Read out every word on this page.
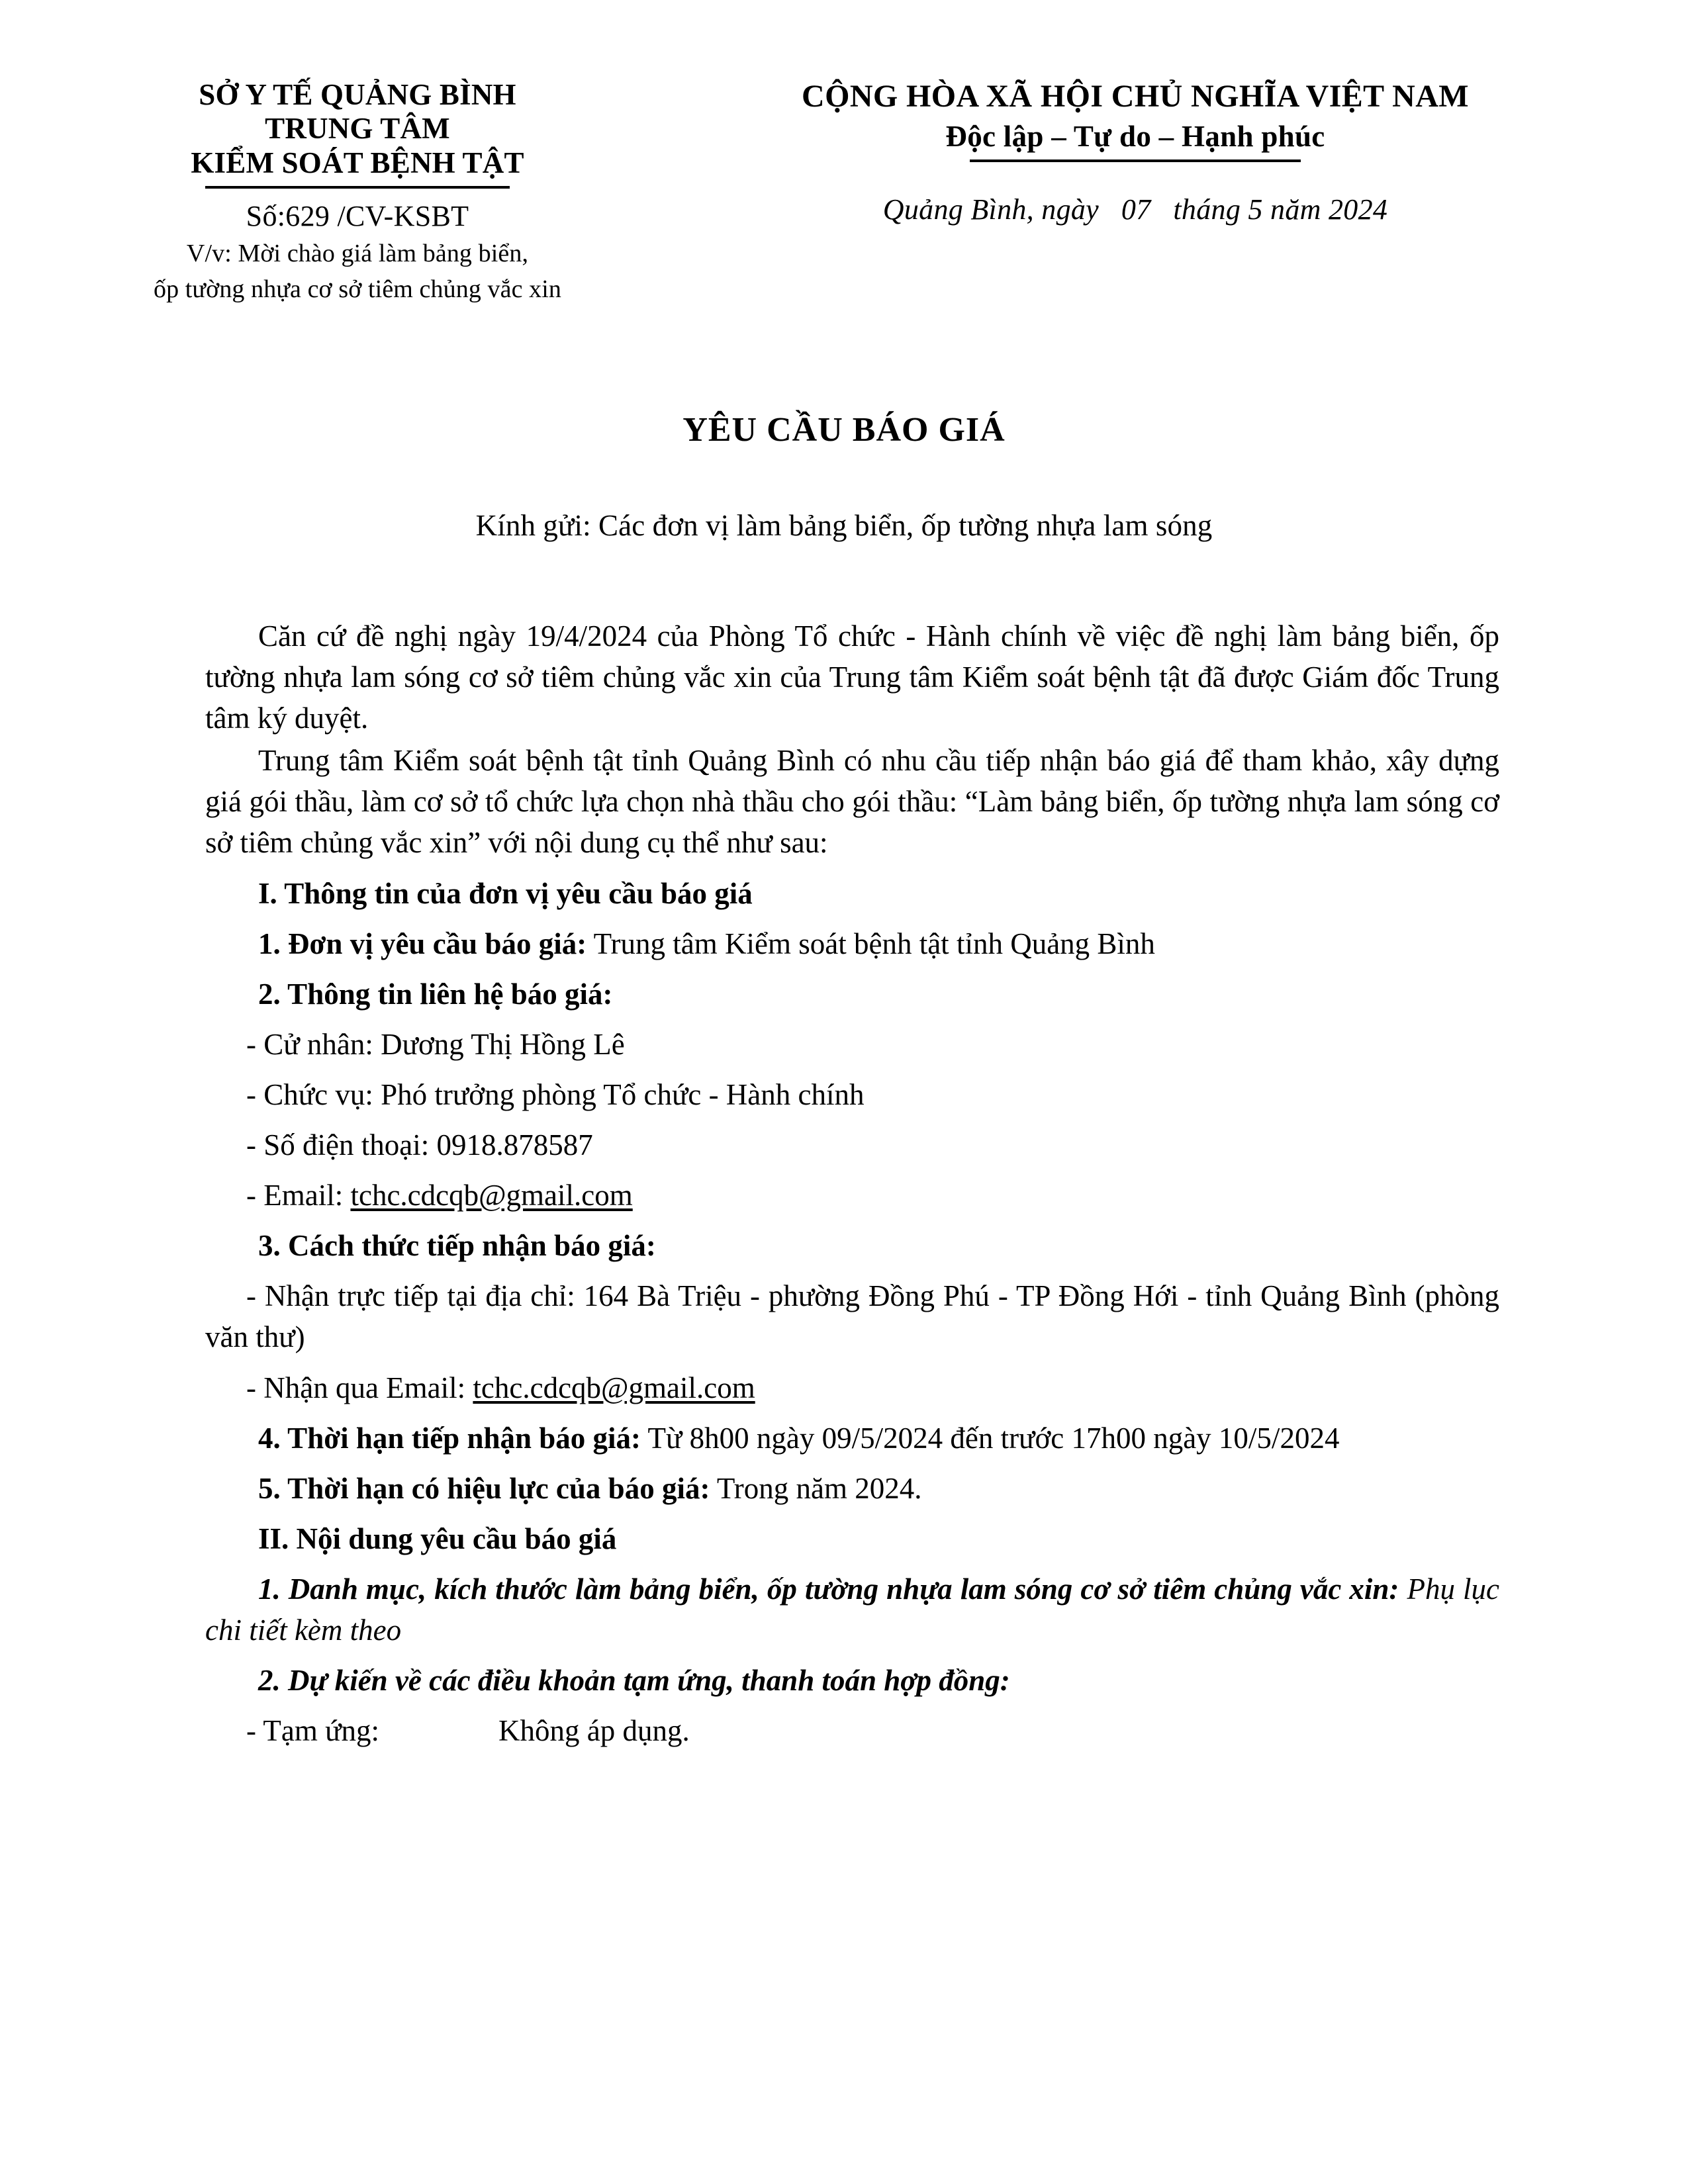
SỞ Y TẾ QUẢNG BÌNH
TRUNG TÂM
KIỂM SOÁT BỆNH TẬT
Số:629 /CV-KSBT
V/v: Mời chào giá làm bảng biển,
ốp tường nhựa cơ sở tiêm chủng vắc xin
CỘNG HÒA XÃ HỘI CHỦ NGHĨA VIỆT NAM
Độc lập – Tự do – Hạnh phúc
Quảng Bình, ngày   07   tháng 5 năm 2024
YÊU CẦU BÁO GIÁ
Kính gửi: Các đơn vị làm bảng biển, ốp tường nhựa lam sóng

Căn cứ đề nghị ngày 19/4/2024 của Phòng Tổ chức - Hành chính về việc đề nghị làm bảng biển, ốp tường nhựa lam sóng cơ sở tiêm chủng vắc xin của Trung tâm Kiểm soát bệnh tật đã được Giám đốc Trung tâm ký duyệt.

Trung tâm Kiểm soát bệnh tật tỉnh Quảng Bình có nhu cầu tiếp nhận báo giá để tham khảo, xây dựng giá gói thầu, làm cơ sở tổ chức lựa chọn nhà thầu cho gói thầu: “Làm bảng biển, ốp tường nhựa lam sóng cơ sở tiêm chủng vắc xin” với nội dung cụ thể như sau:

I. Thông tin của đơn vị yêu cầu báo giá

1. Đơn vị yêu cầu báo giá: Trung tâm Kiểm soát bệnh tật tỉnh Quảng Bình

2. Thông tin liên hệ báo giá:

- Cử nhân: Dương Thị Hồng Lê

- Chức vụ: Phó trưởng phòng Tổ chức - Hành chính

- Số điện thoại: 0918.878587

- Email: tchc.cdcqb@gmail.com

3. Cách thức tiếp nhận báo giá:

- Nhận trực tiếp tại địa chỉ: 164 Bà Triệu - phường Đồng Phú - TP Đồng Hới - tỉnh Quảng Bình (phòng văn thư)

- Nhận qua Email: tchc.cdcqb@gmail.com

4. Thời hạn tiếp nhận báo giá: Từ 8h00 ngày 09/5/2024 đến trước 17h00 ngày 10/5/2024

5. Thời hạn có hiệu lực của báo giá: Trong năm 2024.

II. Nội dung yêu cầu báo giá

1. Danh mục, kích thước làm bảng biển, ốp tường nhựa lam sóng cơ sở tiêm chủng vắc xin: Phụ lục chi tiết kèm theo

2. Dự kiến về các điều khoản tạm ứng, thanh toán hợp đồng:

- Tạm ứng:	Không áp dụng.
